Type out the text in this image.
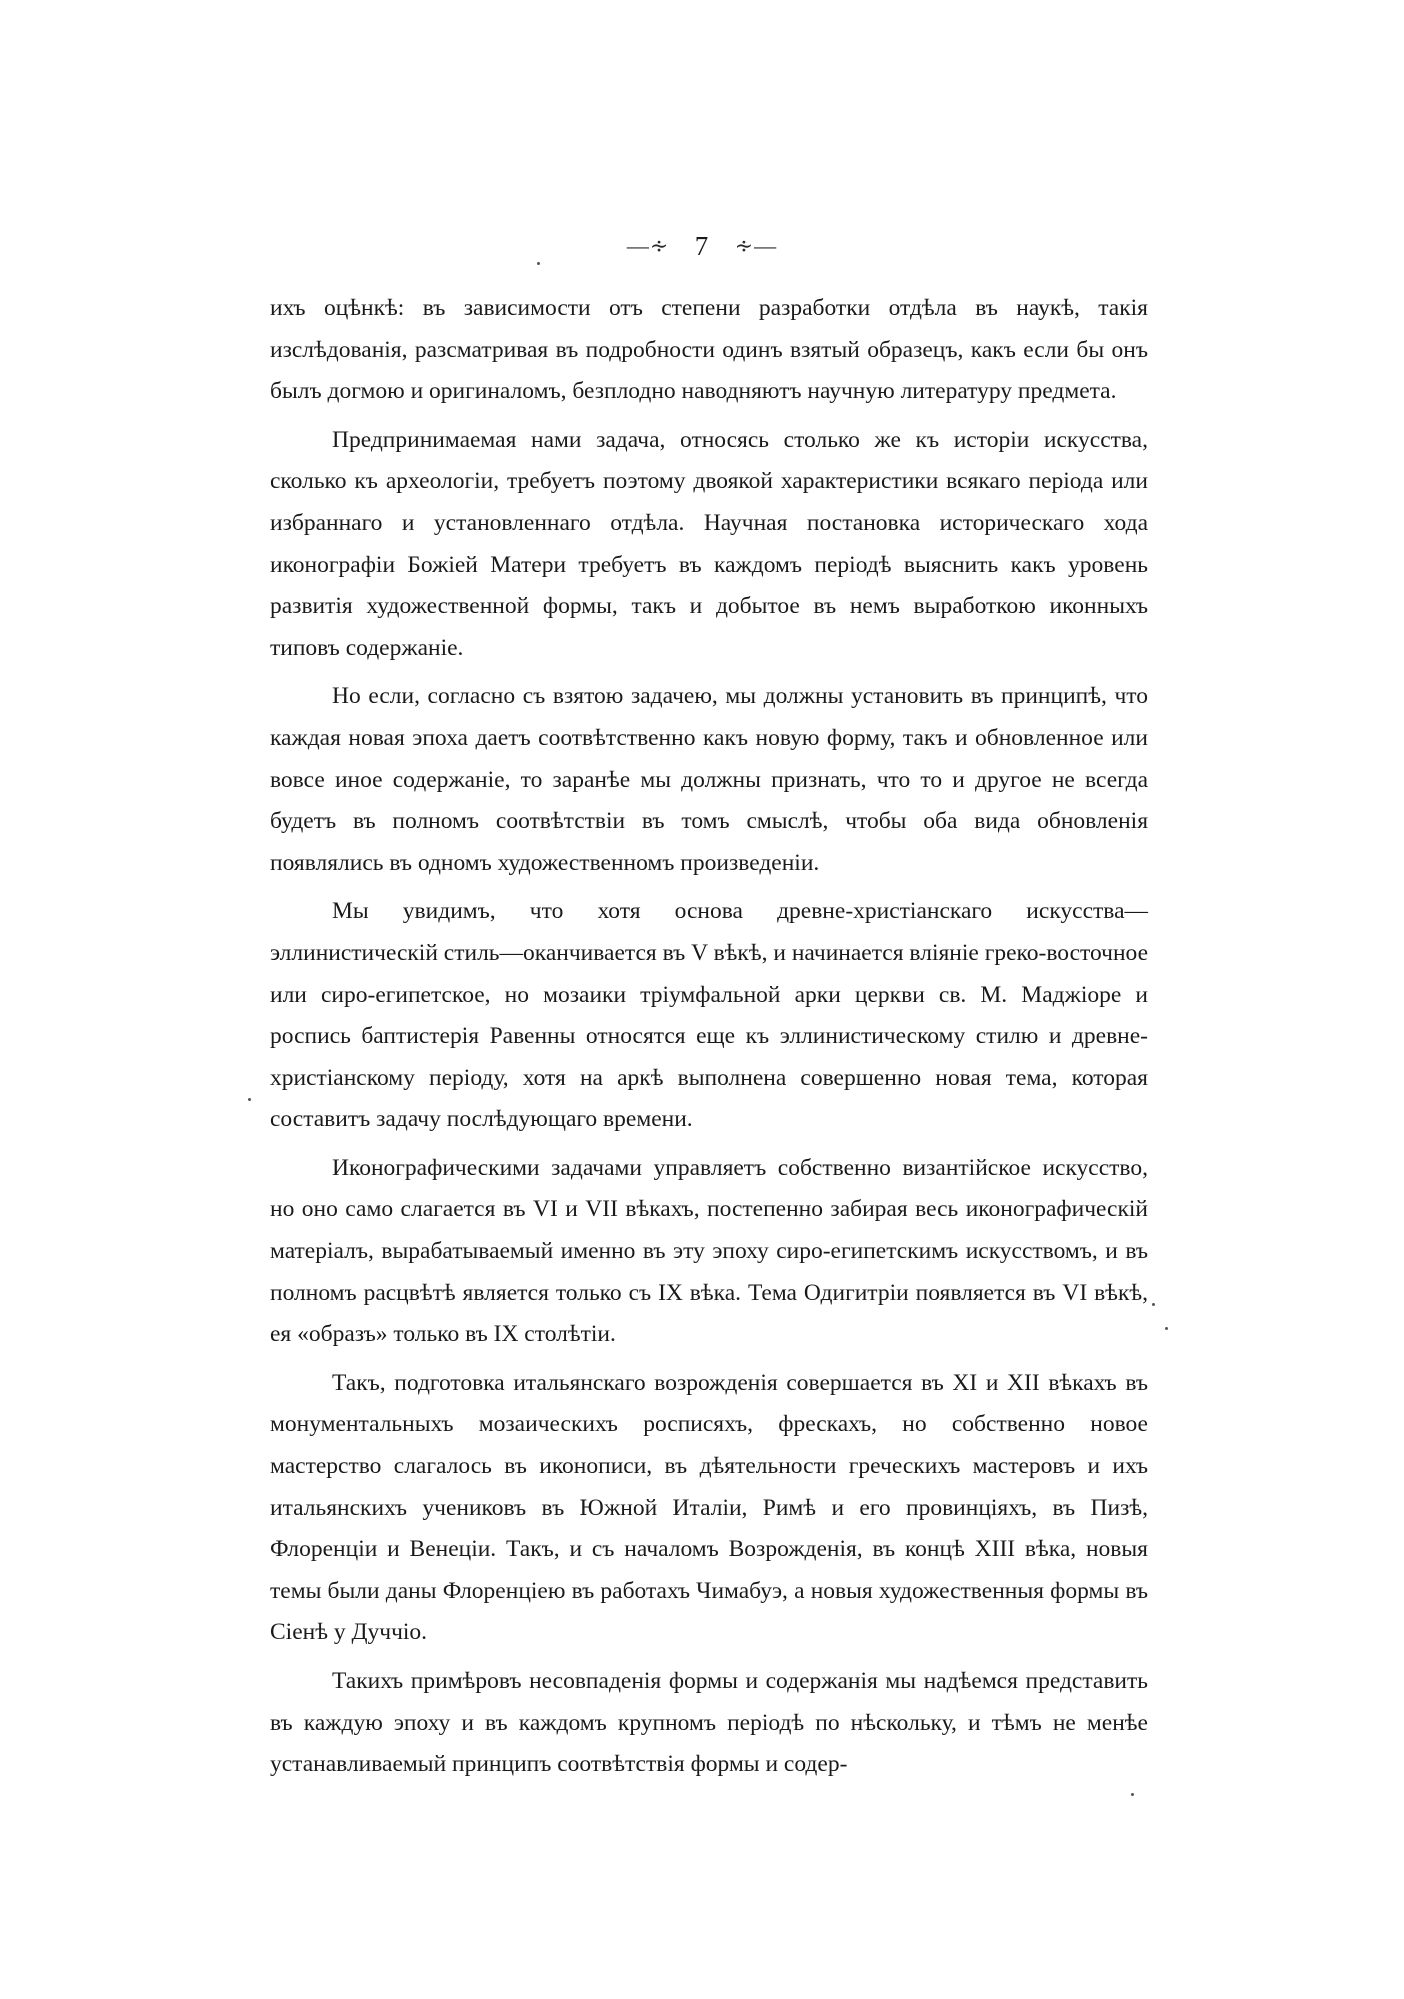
—∻ 7 ∻—

ихъ оцѣнкѣ: въ зависимости отъ степени разработки отдѣла въ наукѣ, такія изслѣдованія, разсматривая въ подробности одинъ взятый образецъ, какъ если бы онъ былъ догмою и оригиналомъ, безплодно наводняютъ научную литературу предмета.

Предпринимаемая нами задача, относясь столько же къ исторіи искусства, сколько къ археологіи, требуетъ поэтому двоякой характеристики всякаго періода или избраннаго и установленнаго отдѣла. Научная постановка историческаго хода иконографіи Божіей Матери требуетъ въ каждомъ періодѣ выяснить какъ уровень развитія художественной формы, такъ и добытое въ немъ выработкою иконныхъ типовъ содержаніе.

Но если, согласно съ взятою задачею, мы должны установить въ принципѣ, что каждая новая эпоха даетъ соотвѣтственно какъ новую форму, такъ и обновленное или вовсе иное содержаніе, то заранѣе мы должны признать, что то и другое не всегда будетъ въ полномъ соотвѣтствіи въ томъ смыслѣ, чтобы оба вида обновленія появлялись въ одномъ художественномъ произведеніи.

Мы увидимъ, что хотя основа древне-христіанскаго искусства— эллинистическій стиль—оканчивается въ V вѣкѣ, и начинается вліяніе греко-восточное или сиро-египетское, но мозаики тріумфальной арки церкви св. М. Маджіоре и роспись баптистерія Равенны относятся еще къ эллинистическому стилю и древне-христіанскому періоду, хотя на аркѣ выполнена совершенно новая тема, которая составитъ задачу послѣдующаго времени.

Иконографическими задачами управляетъ собственно византійское искусство, но оно само слагается въ VI и VII вѣкахъ, постепенно забирая весь иконографическій матеріалъ, вырабатываемый именно въ эту эпоху сиро-египетскимъ искусствомъ, и въ полномъ расцвѣтѣ является только съ IX вѣка. Тема Одигитріи появляется въ VI вѣкѣ, ея «образъ» только въ IX столѣтіи.

Такъ, подготовка итальянскаго возрожденія совершается въ XI и XII вѣкахъ въ монументальныхъ мозаическихъ росписяхъ, фрескахъ, но собственно новое мастерство слагалось въ иконописи, въ дѣятельности греческихъ мастеровъ и ихъ итальянскихъ учениковъ въ Южной Италіи, Римѣ и его провинціяхъ, въ Пизѣ, Флоренціи и Венеціи. Такъ, и съ началомъ Возрожденія, въ концѣ XIII вѣка, новыя темы были даны Флоренціею въ работахъ Чимабуэ, а новыя художественныя формы въ Сіенѣ у Дуччіо.

Такихъ примѣровъ несовпаденія формы и содержанія мы надѣемся представить въ каждую эпоху и въ каждомъ крупномъ періодѣ по нѣскольку, и тѣмъ не менѣе устанавливаемый принципъ соотвѣтствія формы и содер-
